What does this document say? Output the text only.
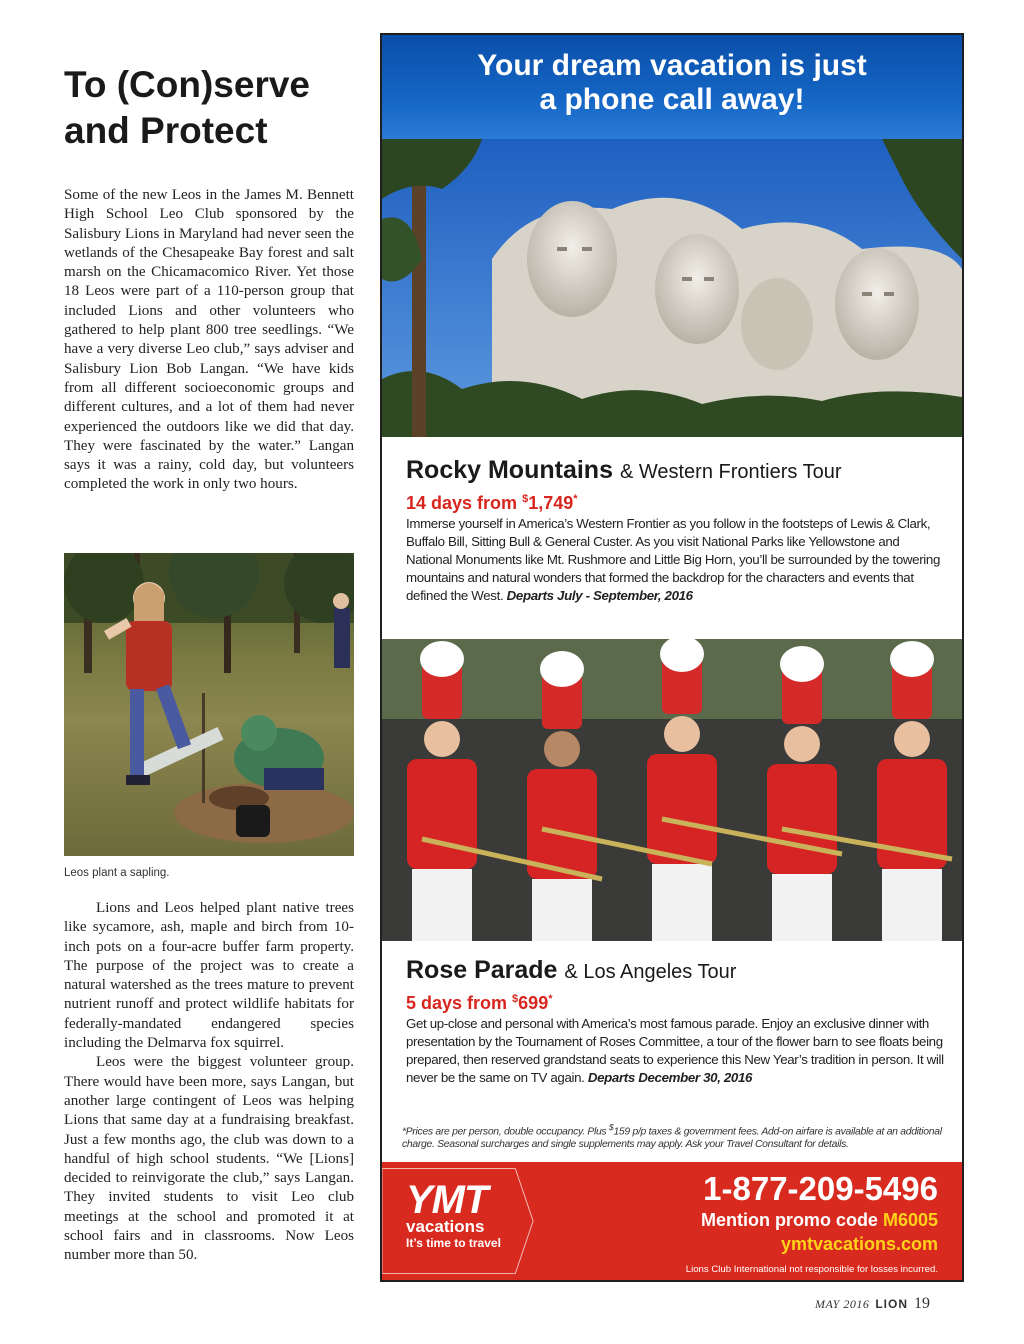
To (Con)serve
and Protect

Some of the new Leos in the James M. Bennett High School Leo Club sponsored by the Salisbury Lions in Maryland had never seen the wetlands of the Chesapeake Bay forest and salt marsh on the Chicamacomico River. Yet those 18 Leos were part of a 110-person group that included Lions and other volunteers who gathered to help plant 800 tree seedlings. “We have a very diverse Leo club,” says adviser and Salisbury Lion Bob Langan. “We have kids from all different socioeconomic groups and different cultures, and a lot of them had never experienced the outdoors like we did that day. They were fascinated by the water.” Langan says it was a rainy, cold day, but volunteers completed the work in only two hours.

Leos plant a sapling.

Lions and Leos helped plant native trees like sycamore, ash, maple and birch from 10-inch pots on a four-acre buffer farm property. The purpose of the project was to create a natural watershed as the trees mature to prevent nutrient runoff and protect wildlife habitats for federally-mandated endangered species including the Delmarva fox squirrel.

Leos were the biggest volunteer group. There would have been more, says Langan, but another large contingent of Leos was helping Lions that same day at a fundraising breakfast. Just a few months ago, the club was down to a handful of high school students. “We [Lions] decided to reinvigorate the club,” says Langan. They invited students to visit Leo club meetings at the school and promoted it at school fairs and in classrooms. Now Leos number more than 50.

Your dream vacation is just
a phone call away!
Rocky Mountains & Western Frontiers Tour
14 days from $1,749*
Immerse yourself in America’s Western Frontier as you follow in the footsteps of Lewis & Clark, Buffalo Bill, Sitting Bull & General Custer. As you visit National Parks like Yellowstone and National Monuments like Mt. Rushmore and Little Big Horn, you’ll be surrounded by the towering mountains and natural wonders that formed the backdrop for the characters and events that defined the West. Departs July - September, 2016
Rose Parade & Los Angeles Tour
5 days from $699*
Get up-close and personal with America’s most famous parade. Enjoy an exclusive dinner with presentation by the Tournament of Roses Committee, a tour of the flower barn to see floats being prepared, then reserved grandstand seats to experience this New Year’s tradition in person. It will never be the same on TV again. Departs December 30, 2016
*Prices are per person, double occupancy. Plus $159 p/p taxes & government fees. Add-on airfare is available at an additional charge. Seasonal surcharges and single supplements may apply. Ask your Travel Consultant for details.
YMT
vacations
It’s time to travel
1-877-209-5496
Mention promo code M6005
ymtvacations.com
Lions Club International not responsible for losses incurred.
MAY 2016 LION 19
